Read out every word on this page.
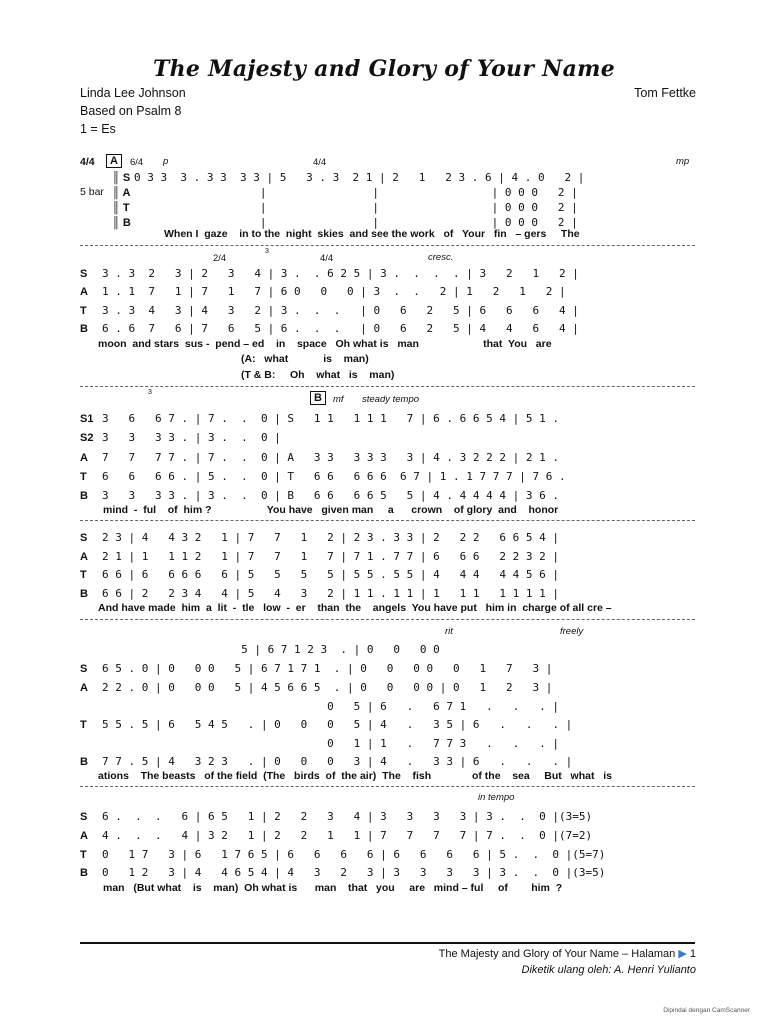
The Majesty and Glory of Your Name
Linda Lee Johnson
Based on Psalm 8
1 = Es
Tom Fettke
4/4	A	6/4 p	4/4	mp
5 bar
║ S 0 3 3  3 . 3 3  3 3 | 5   3 . 3  2 1 | 2   1   2 3 . 6 | 4 . 0   2 |
║ A                   |                |                 | 0 0 0   2 |
║ T                   |                |                 | 0 0 0   2 |
║ B                   |                |                 | 0 0 0   2 |
When I  gaze    in to the  night  skies  and see the work   of   Your   fin   – gers     The
2/4
3
4/4	cresc.
S 3 . 3  2   3 | 2   3   4 | 3 .  . 6 2 5 | 3 .  .  .  . | 3   2   1   2 |
A 1 . 1  7   1 | 7   1   7 | 6 0   0   0 | 3  .  .   2 | 1   2   1   2 |
T 3 . 3  4   3 | 4   3   2 | 3 .  .  .   | 0   6   2   5 | 6   6   6   4 |
B 6 . 6  7   6 | 7   6   5 | 6 .  .  .   | 0   6   2   5 | 4   4   6   4 |
moon  and stars  sus -  pend – ed    in    space   Oh what is   man                      that  You   are
(A:   what            is    man)
(T & B:     Oh    what   is    man)
3	B	mf steady tempo
S1 3   6   6 7 . | 7 .  .  0 | S   1 1   1 1 1   7 | 6 . 6 6 5 4 | 5 1 .
S2 3   3   3 3 . | 3 .  .  0 |
A 7   7   7 7 . | 7 .  .  0 | A   3 3   3 3 3   3 | 4 . 3 2 2 2 | 2 1 .
T 6   6   6 6 . | 5 .  .  0 | T   6 6   6 6 6  6 7 | 1 . 1 7 7 7 | 7 6 .
B 3   3   3 3 . | 3 .  .  0 | B   6 6   6 6 5   5 | 4 . 4 4 4 4 | 3 6 .
mind  -  ful    of  him ?                   You have   given man     a      crown    of glory  and    honor
S 2 3 | 4   4 3 2   1 | 7   7   1   2 | 2 3 . 3 3 | 2   2 2   6 6 5 4 |
A 2 1 | 1   1 1 2   1 | 7   7   1   7 | 7 1 . 7 7 | 6   6 6   2 2 3 2 |
T 6 6 | 6   6 6 6   6 | 5   5   5   5 | 5 5 . 5 5 | 4   4 4   4 4 5 6 |
B 6 6 | 2   2 3 4   4 | 5   4   3   2 | 1 1 . 1 1 | 1   1 1   1 1 1 1 |
And have made  him  a  lit  -  tle   low  -  er    than  the    angels  You have put   him in  charge of all cre –
rit	freely
5 | 6 7 1 2 3  . | 0   0   0 0
S 6 5 . 0 | 0   0 0   5 | 6 7 1 7 1  . | 0   0   0 0   0   1   7   3 |
A 2 2 . 0 | 0   0 0   5 | 4 5 6 6 5  . | 0   0   0 0 | 0   1   2   3 |
0   5 | 6   .   6 7 1   .   .   . |
T 5 5 . 5 | 6   5 4 5   . | 0   0   0   5 | 4   .   3 5 | 6   .   .   . |
0   1 | 1   .   7 7 3   .   .   . |
B 7 7 . 5 | 4   3 2 3   . | 0   0   0   3 | 4   .   3 3 | 6   .   .   . |
ations    The beasts   of the field  (The   birds  of  the air)  The    fish              of the    sea     But   what   is
in tempo
S 6 .  .  .   6 | 6 5   1 | 2   2   3   4 | 3   3   3   3 | 3 .  .  0 |(3=5)
A 4 .  .  .   4 | 3 2   1 | 2   2   1   1 | 7   7   7   7 | 7 .  .  0 |(7=2)
T 0   1 7   3 | 6   1 7 6 5 | 6   6   6   6 | 6   6   6   6 | 5 .  .  0 |(5=7)
B 0   1 2   3 | 4   4 6 5 4 | 4   3   2   3 | 3   3   3   3 | 3 .  .  0 |(3=5)
man   (But what    is    man)  Oh what is      man    that   you     are   mind – ful     of        him  ?
The Majesty and Glory of Your Name – Halaman ▶ 1
Diketik ulang oleh: A. Henri Yulianto
Dipindai dengan CamScanner
